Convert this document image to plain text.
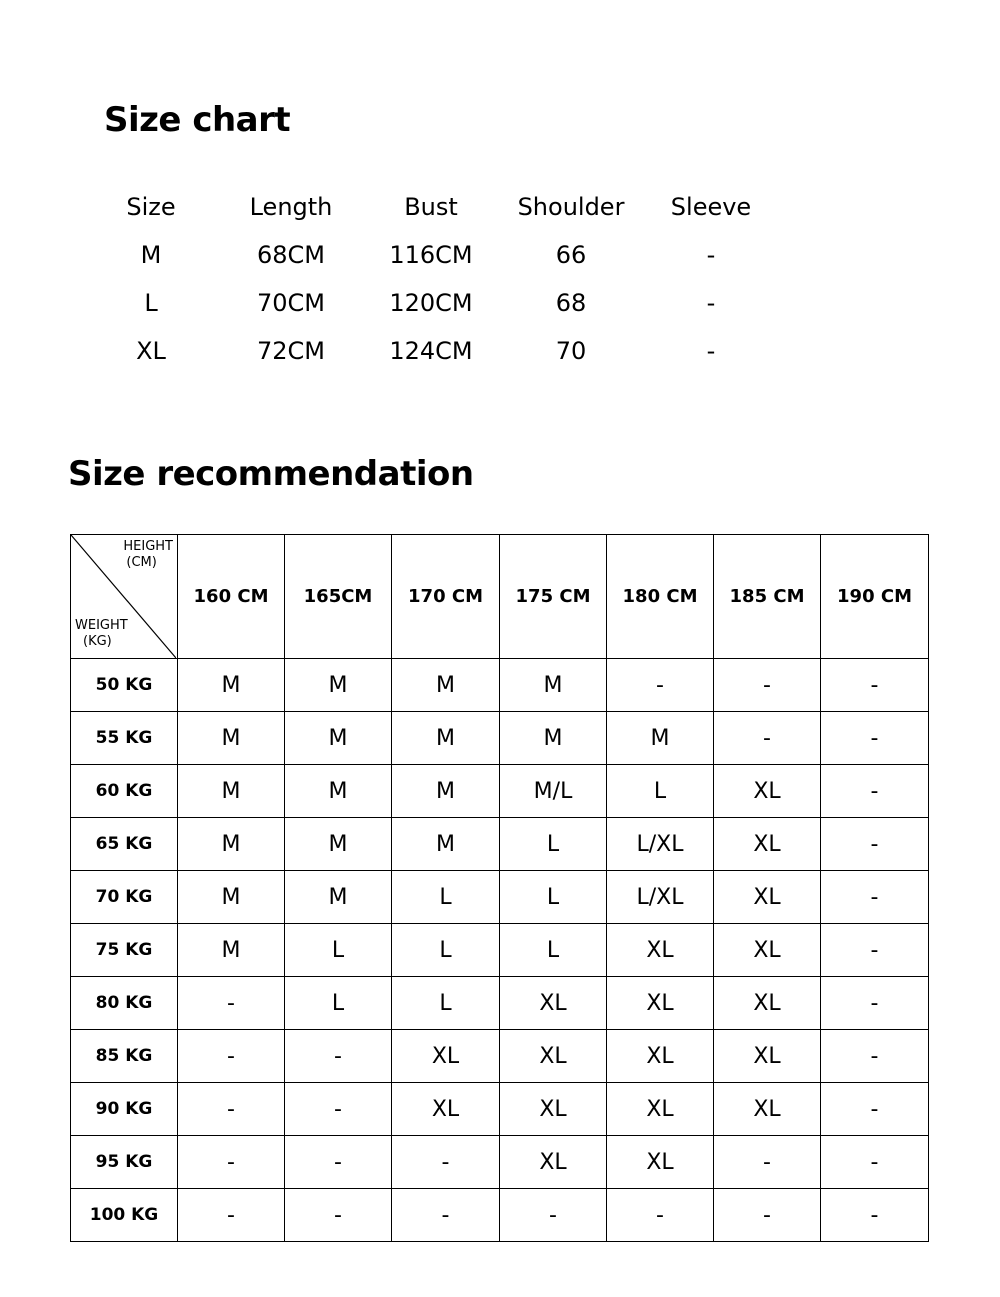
Size chart
Size	Length	Bust	Shoulder	Sleeve
M	68CM	116CM	66	-
L	70CM	120CM	68	-
XL	72CM	124CM	70	-
Size recommendation
HEIGHT
(CM)
WEIGHT
(KG)	160 CM	165CM	170 CM	175 CM	180 CM	185 CM	190 CM
50 KG	M	M	M	M	-	-	-
55 KG	M	M	M	M	M	-	-
60 KG	M	M	M	M/L	L	XL	-
65 KG	M	M	M	L	L/XL	XL	-
70 KG	M	M	L	L	L/XL	XL	-
75 KG	M	L	L	L	XL	XL	-
80 KG	-	L	L	XL	XL	XL	-
85 KG	-	-	XL	XL	XL	XL	-
90 KG	-	-	XL	XL	XL	XL	-
95 KG	-	-	-	XL	XL	-	-
100 KG	-	-	-	-	-	-	-
